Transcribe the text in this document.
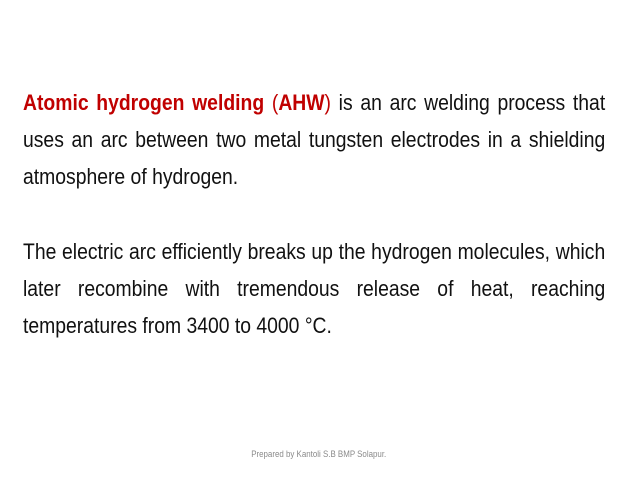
Atomic hydrogen welding (AHW) is an arc welding process that uses an arc between two metal tungsten electrodes in a shielding atmosphere of hydrogen.

The electric arc efficiently breaks up the hydrogen molecules, which later recombine with tremendous release of heat, reaching temperatures from 3400 to 4000 °C.

Prepared by Kantoli S.B BMP Solapur.
